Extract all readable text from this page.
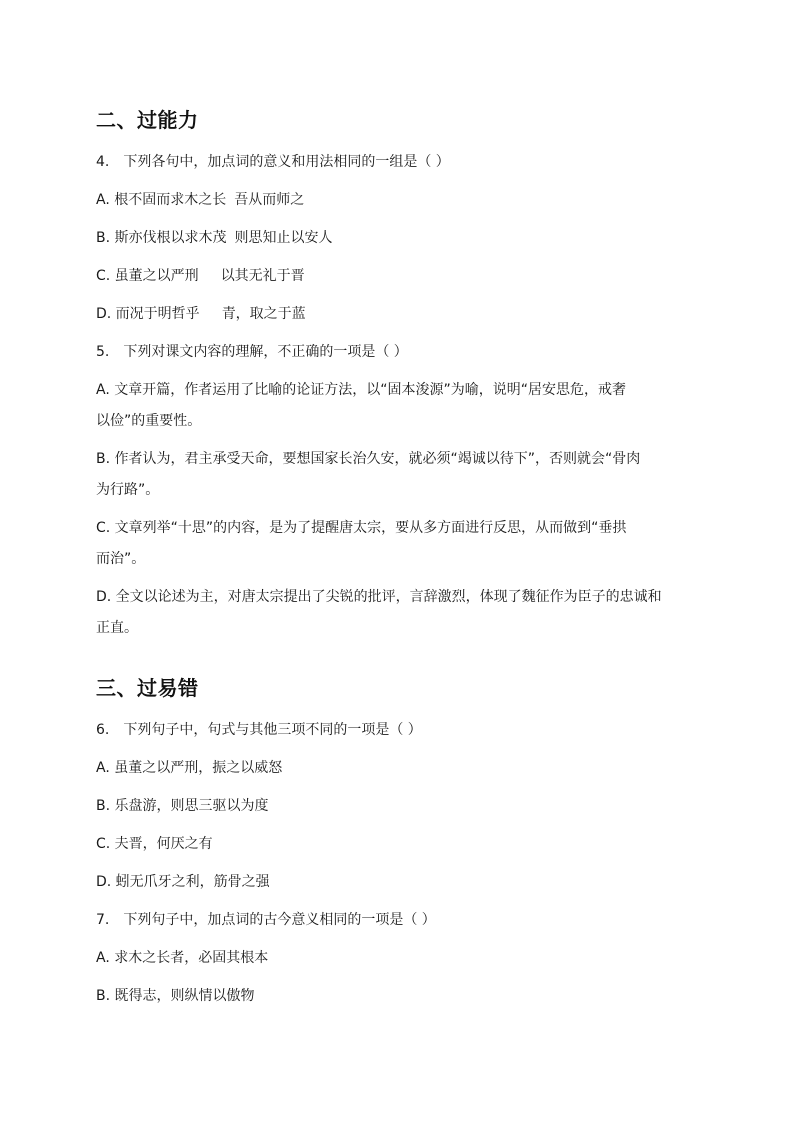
二、过能力
4.　下列各句中，加点词的意义和用法相同的一组是（ ）
A. 根不固而求木之长 吾从而师之
B. 斯亦伐根以求木茂 则思知止以安人
C. 虽董之以严刑 以其无礼于晋
D. 而况于明哲乎 青，取之于蓝
5.　下列对课文内容的理解，不正确的一项是（ ）
A. 文章开篇，作者运用了比喻的论证方法，以“固本浚源”为喻，说明“居安思危，戒奢
以俭”的重要性。
B. 作者认为，君主承受天命，要想国家长治久安，就必须“竭诚以待下”，否则就会“骨肉
为行路”。
C. 文章列举“十思”的内容，是为了提醒唐太宗，要从多方面进行反思，从而做到“垂拱
而治”。
D. 全文以论述为主，对唐太宗提出了尖锐的批评，言辞激烈，体现了魏征作为臣子的忠诚和
正直。
三、过易错
6.　下列句子中，句式与其他三项不同的一项是（ ）
A. 虽董之以严刑，振之以威怒
B. 乐盘游，则思三驱以为度
C. 夫晋，何厌之有
D. 蚓无爪牙之利，筋骨之强
7.　下列句子中，加点词的古今意义相同的一项是（ ）
A. 求木之长者，必固其根本
B. 既得志，则纵情以傲物
